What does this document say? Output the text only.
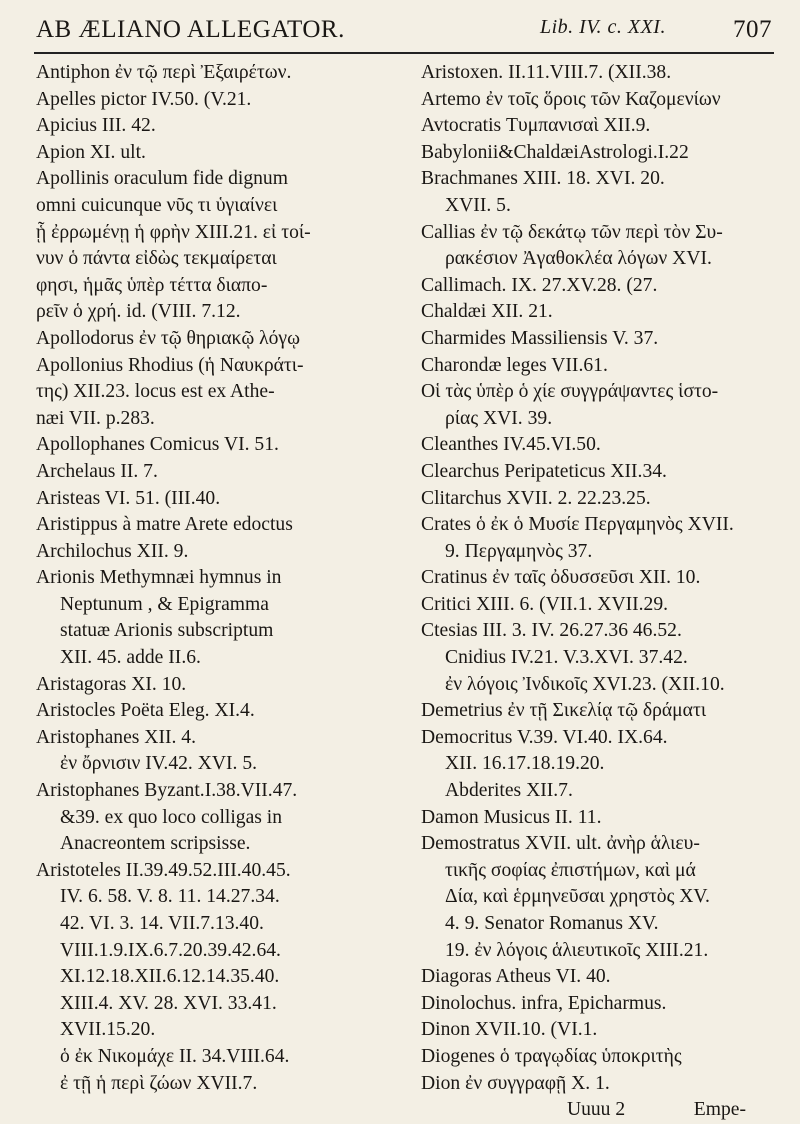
AB ÆLIANO ALLEGATOR.	Lib. IV. c. XXI.	707
Antiphon ἐν τῷ περὶ Ἐξαιρέτων.
Apelles pictor IV.50. (V.21.
Apicius III. 42.
Apion XI. ult.
Apollinis oraculum fide dignum
omni cuicunque νῦς τι ὑγιαίνει
ᾗ ἐρρωμένῃ ἡ φρὴν XIII.21. εἰ τοί-
νυν ὁ πάντα εἰδὼς τεκμαίρεται
φησι, ἡμᾶς ὑπὲρ τέττα διαπο-
ρεῖν ὁ χρή. id. (VIII. 7.12.
Apollodorus ἐν τῷ θηριακῷ λόγῳ
Apollonius Rhodius (ἡ Ναυκράτι-
της) XII.23. locus est ex Athe-
næi VII. p.283.
Apollophanes Comicus VI. 51.
Archelaus II. 7.
Aristeas VI. 51. (III.40.
Aristippus à matre Arete edoctus
Archilochus XII. 9.
Arionis Methymnæi hymnus in
Neptunum , & Epigramma
statuæ Arionis subscriptum
XII. 45. adde II.6.
Aristagoras XI. 10.
Aristocles Poëta Eleg. XI.4.
Aristophanes XII. 4.
ἐν ὄρνισιν IV.42. XVI. 5.
Aristophanes Byzant.I.38.VII.47.
&39. ex quo loco colligas in
Anacreontem scripsisse.
Aristoteles II.39.49.52.III.40.45.
IV. 6. 58. V. 8. 11. 14.27.34.
42. VI. 3. 14. VII.7.13.40.
VIII.1.9.IX.6.7.20.39.42.64.
XI.12.18.XII.6.12.14.35.40.
XIII.4. XV. 28. XVI. 33.41.
XVII.15.20.
ὁ ἐκ Νικομάχε II. 34.VIII.64.
ἐ τῇ ἡ περὶ ζώων XVII.7.
Aristoxen. II.11.VIII.7. (XII.38.
Artemo ἐν τοῖς ὅροις τῶν Καζομενίων
Avtocratis Τυμπανισαὶ XII.9.
Babylonii&ChaldæiAstrologi.I.22
Brachmanes XIII. 18. XVI. 20.
XVII. 5.
Callias ἐν τῷ δεκάτῳ τῶν περὶ τὸν Συ-
ρακέσιον Ἀγαθοκλέα λόγων XVI.
Callimach. IX. 27.XV.28. (27.
Chaldæi XII. 21.
Charmides Massiliensis V. 37.
Charondæ leges VII.61.
Οἱ τὰς ὑπὲρ ὁ χίε συγγράψαντες ἱστο-
ρίας XVI. 39.
Cleanthes IV.45.VI.50.
Clearchus Peripateticus XII.34.
Clitarchus XVII. 2. 22.23.25.
Crates ὁ ἐκ ὁ Μυσίε Περγαμηνὸς XVII.
9. Περγαμηνὸς 37.
Cratinus ἐν ταῖς ὀδυσσεῦσι XII. 10.
Critici XIII. 6. (VII.1. XVII.29.
Ctesias III. 3. IV. 26.27.36 46.52.
Cnidius IV.21. V.3.XVI. 37.42.
ἐν λόγοις Ἰνδικοῖς XVI.23. (XII.10.
Demetrius ἐν τῇ Σικελίᾳ τῷ δράματι
Democritus V.39. VI.40. IX.64.
XII. 16.17.18.19.20.
Abderites XII.7.
Damon Musicus II. 11.
Demostratus XVII. ult. ἀνὴρ ἁλιευ-
τικῆς σοφίας ἐπιστήμων, καὶ μά
Δία, καὶ ἑρμηνεῦσαι χρηστὸς XV.
4. 9. Senator Romanus XV.
19. ἐν λόγοις ἁλιευτικοῖς XIII.21.
Diagoras Atheus VI. 40.
Dinolochus. infra, Epicharmus.
Dinon XVII.10. (VI.1.
Diogenes ὁ τραγῳδίας ὑποκριτὴς
Dion ἐν συγγραφῇ X. 1.
Uuuu 2	Empe-
